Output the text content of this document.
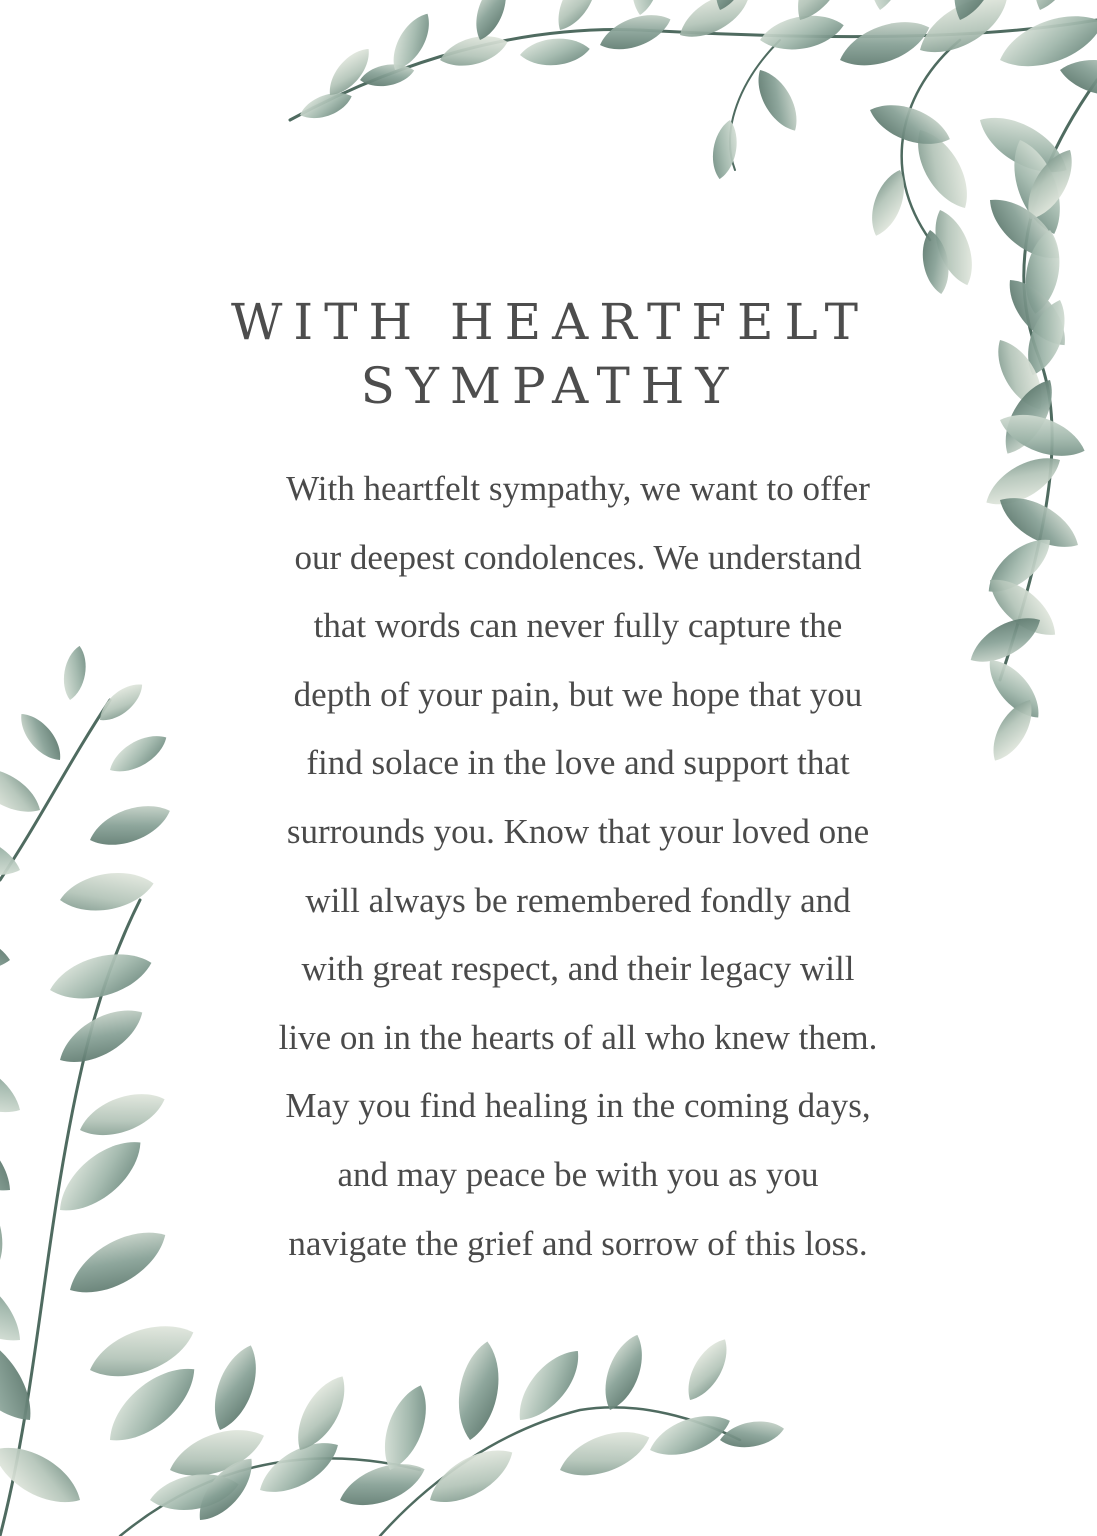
WITH HEARTFELT
SYMPATHY

With heartfelt sympathy, we want to offer
our deepest condolences. We understand
that words can never fully capture the
depth of your pain, but we hope that you
find solace in the love and support that
surrounds you. Know that your loved one
will always be remembered fondly and
with great respect, and their legacy will
live on in the hearts of all who knew them.
May you find healing in the coming days,
and may peace be with you as you
navigate the grief and sorrow of this loss.
